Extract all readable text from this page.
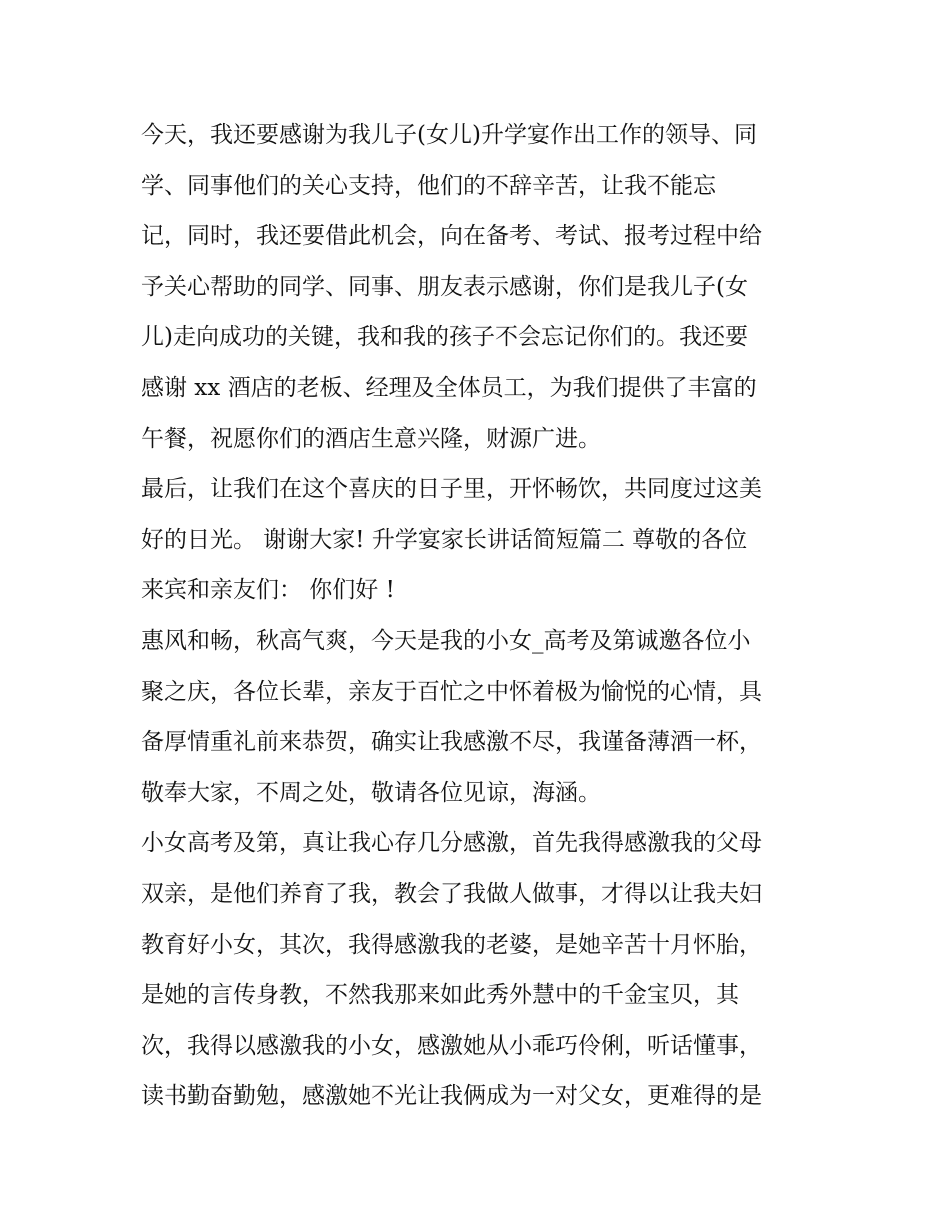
今天，我还要感谢为我儿子(女儿)升学宴作出工作的领导、同
学、同事他们的关心支持，他们的不辞辛苦，让我不能忘
记，同时，我还要借此机会，向在备考、考试、报考过程中给
予关心帮助的同学、同事、朋友表示感谢，你们是我儿子(女
儿)走向成功的关键，我和我的孩子不会忘记你们的。我还要
感谢 xx 酒店的老板、经理及全体员工，为我们提供了丰富的
午餐，祝愿你们的酒店生意兴隆，财源广进。
最后，让我们在这个喜庆的日子里，开怀畅饮，共同度过这美
好的日光。 谢谢大家! 升学宴家长讲话简短篇二 尊敬的各位
来宾和亲友们： 你们好 !
惠风和畅，秋高气爽，今天是我的小女_高考及第诚邀各位小
聚之庆，各位长辈，亲友于百忙之中怀着极为愉悦的心情，具
备厚情重礼前来恭贺，确实让我感激不尽，我谨备薄酒一杯，
敬奉大家，不周之处，敬请各位见谅，海涵。
小女高考及第，真让我心存几分感激，首先我得感激我的父母
双亲，是他们养育了我，教会了我做人做事，才得以让我夫妇
教育好小女，其次，我得感激我的老婆，是她辛苦十月怀胎，
是她的言传身教，不然我那来如此秀外慧中的千金宝贝，其
次，我得以感激我的小女，感激她从小乖巧伶俐，听话懂事，
读书勤奋勤勉，感激她不光让我俩成为一对父女，更难得的是
